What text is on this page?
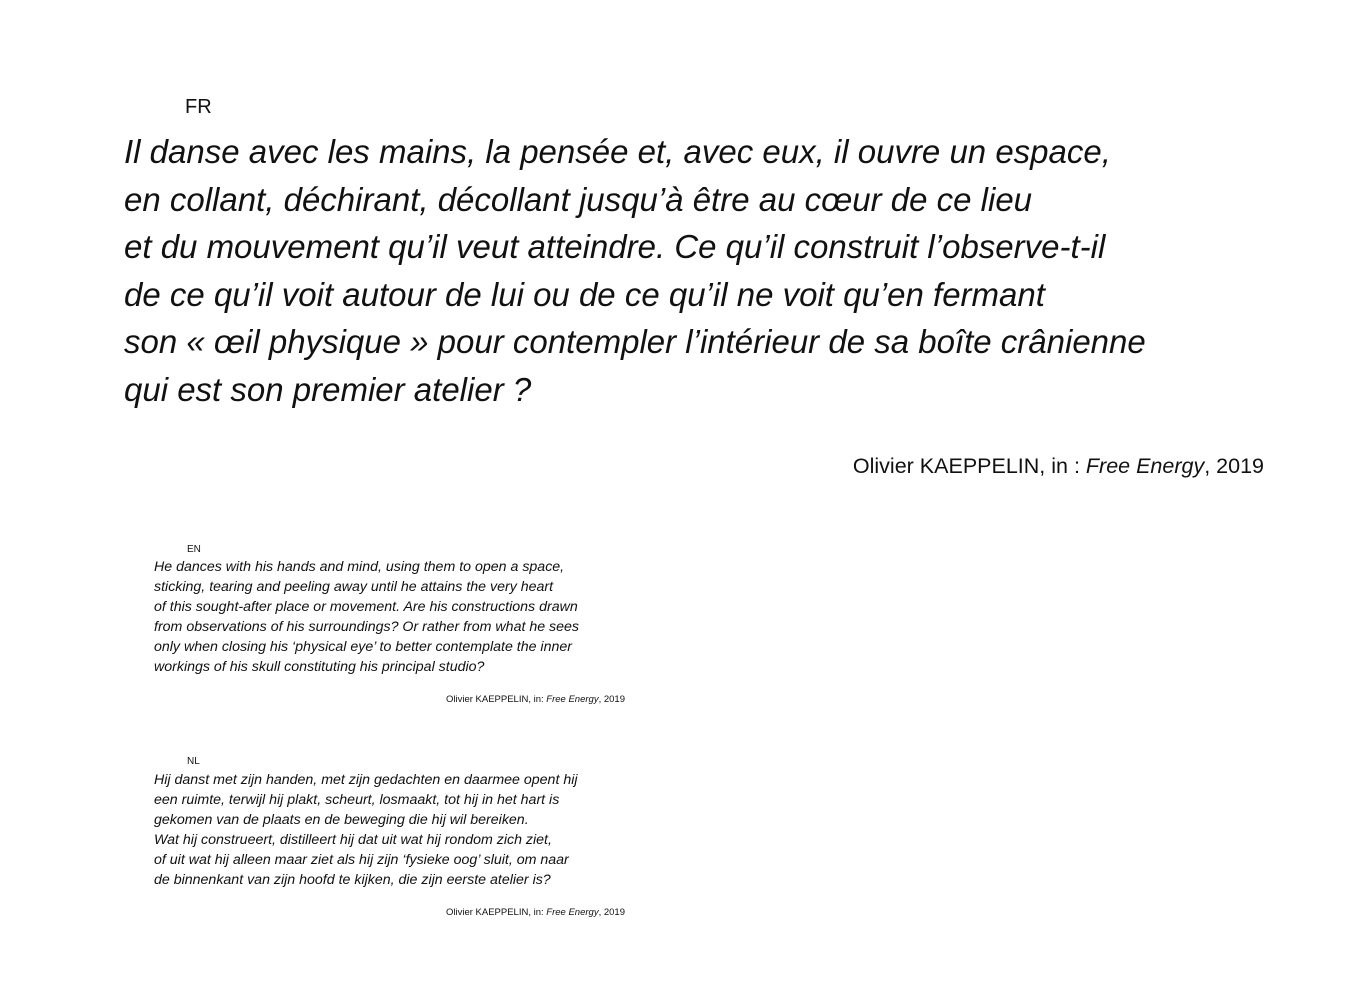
FR
Il danse avec les mains, la pensée et, avec eux, il ouvre un espace,
en collant, déchirant, décollant jusqu’à être au cœur de ce lieu
et du mouvement qu’il veut atteindre. Ce qu’il construit l’observe-t-il
de ce qu’il voit autour de lui ou de ce qu’il ne voit qu’en fermant
son « œil physique » pour contempler l’intérieur de sa boîte crânienne
qui est son premier atelier ?
Olivier KAEPPELIN, in : Free Energy, 2019
EN
He dances with his hands and mind, using them to open a space,
sticking, tearing and peeling away until he attains the very heart
of this sought-after place or movement. Are his constructions drawn
from observations of his surroundings? Or rather from what he sees
only when closing his ‘physical eye’ to better contemplate the inner
workings of his skull constituting his principal studio?
Olivier KAEPPELIN, in: Free Energy, 2019
NL
Hij danst met zijn handen, met zijn gedachten en daarmee opent hij
een ruimte, terwijl hij plakt, scheurt, losmaakt, tot hij in het hart is
gekomen van de plaats en de beweging die hij wil bereiken.
Wat hij construeert, distilleert hij dat uit wat hij rondom zich ziet,
of uit wat hij alleen maar ziet als hij zijn ‘fysieke oog’ sluit, om naar
de binnenkant van zijn hoofd te kijken, die zijn eerste atelier is?
Olivier KAEPPELIN, in: Free Energy, 2019
